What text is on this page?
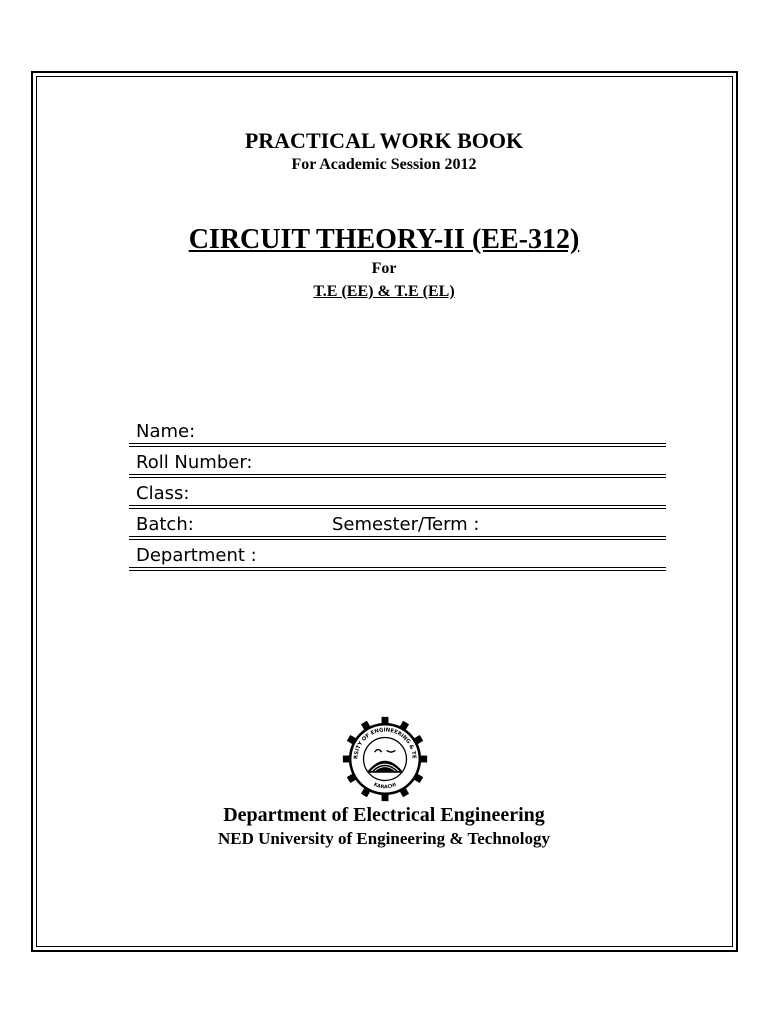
PRACTICAL WORK BOOK
For Academic Session 2012
CIRCUIT THEORY-II (EE-312)
For
T.E (EE) & T.E (EL)
Name:
Roll Number:
Class:
Batch:	Semester/Term :
Department :
RSITY OF ENGINEERING & TE
KARACHI
Department of Electrical Engineering
NED University of Engineering & Technology
